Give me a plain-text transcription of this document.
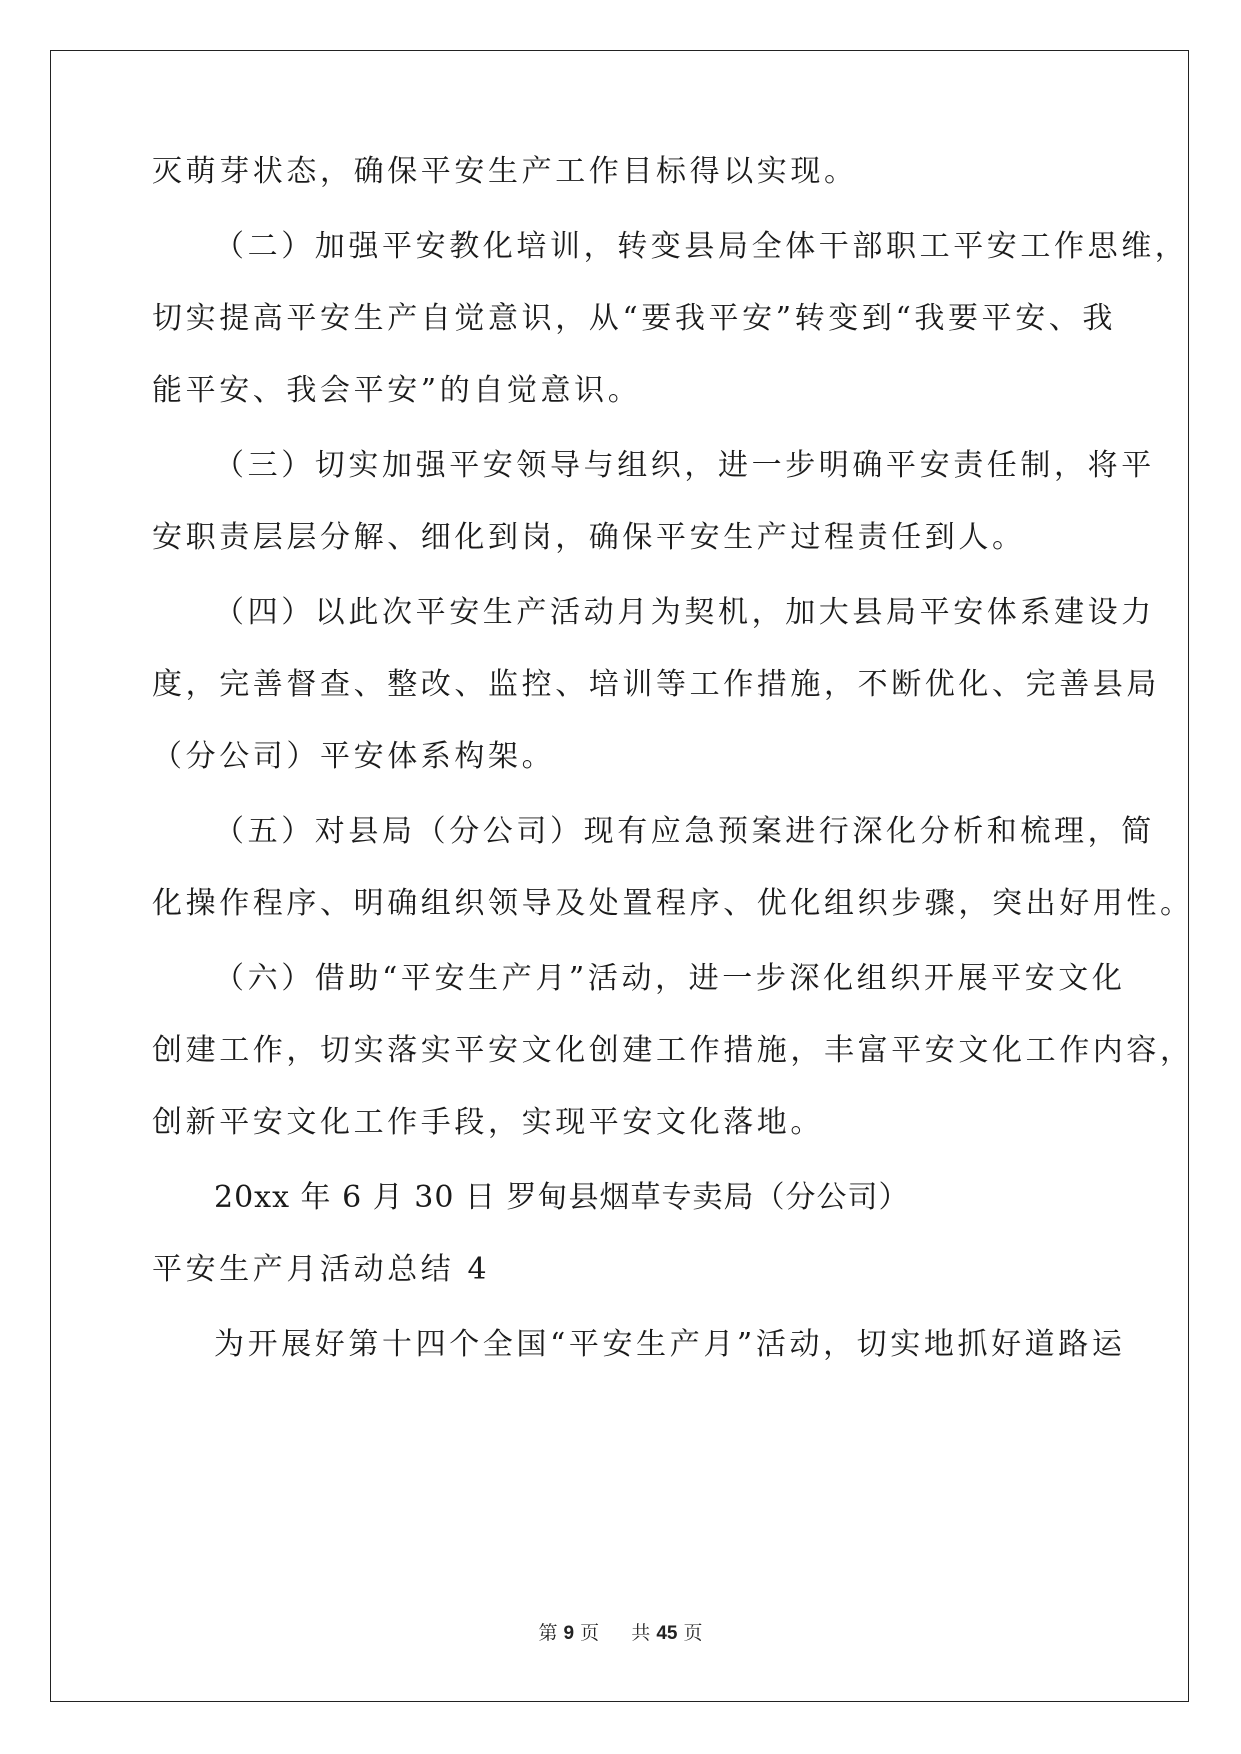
灭萌芽状态，确保平安生产工作目标得以实现。
（二）加强平安教化培训，转变县局全体干部职工平安工作思维，
切实提高平安生产自觉意识，从“要我平安”转变到“我要平安、我
能平安、我会平安”的自觉意识。
（三）切实加强平安领导与组织，进一步明确平安责任制，将平
安职责层层分解、细化到岗，确保平安生产过程责任到人。
（四）以此次平安生产活动月为契机，加大县局平安体系建设力
度，完善督查、整改、监控、培训等工作措施，不断优化、完善县局
（分公司）平安体系构架。
（五）对县局（分公司）现有应急预案进行深化分析和梳理，简
化操作程序、明确组织领导及处置程序、优化组织步骤，突出好用性。
（六）借助“平安生产月”活动，进一步深化组织开展平安文化
创建工作，切实落实平安文化创建工作措施，丰富平安文化工作内容，
创新平安文化工作手段，实现平安文化落地。
20xx 年 6 月 30 日 罗甸县烟草专卖局（分公司）
平安生产月活动总结 4
为开展好第十四个全国“平安生产月”活动，切实地抓好道路运
第 9 页 共 45 页
